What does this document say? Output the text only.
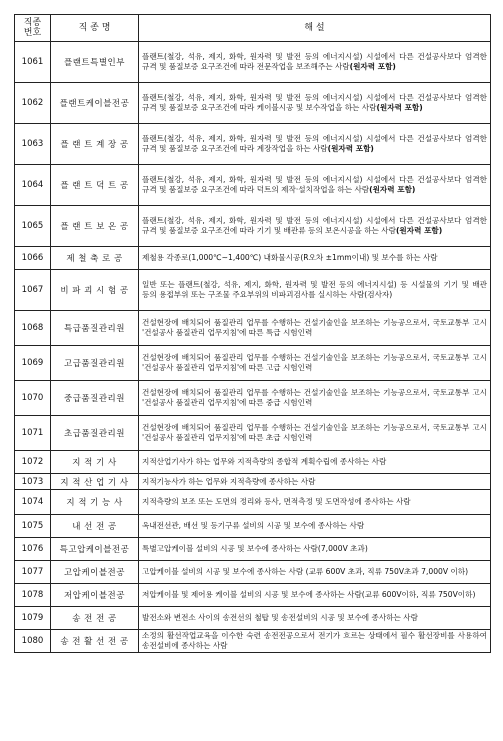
직종
번호	직 종 명	해 설
1061	플랜트특별인부	플랜트(철강, 석유, 제지, 화학, 원자력 및 발전 등의 에너지시설) 시설에서 다른 건설공사보다 엄격한 규격 및 품질보증 요구조건에 따라 전문작업을 보조해주는 사람(원자력 포함)
1062	플랜트케이블전공	플랜트(철강, 석유, 제지, 화학, 원자력 및 발전 등의 에너지시설) 시설에서 다른 건설공사보다 엄격한 규격 및 품질보증 요구조건에 따라 케이블시공 및 보수작업을 하는 사람(원자력 포함)
1063	플 랜 트 계 장 공	플랜트(철강, 석유, 제지, 화학, 원자력 및 발전 등의 에너지시설) 시설에서 다른 건설공사보다 엄격한 규격 및 품질보증 요구조건에 따라 계장작업을 하는 사람(원자력 포함)
1064	플 랜 트 덕 트 공	플랜트(철강, 석유, 제지, 화학, 원자력 및 발전 등의 에너지시설) 시설에서 다른 건설공사보다 엄격한 규격 및 품질보증 요구조건에 따라 덕트의 제작·설치작업을 하는 사람(원자력 포함)
1065	플 랜 트 보 온 공	플랜트(철강, 석유, 제지, 화학, 원자력 및 발전 등의 에너지시설) 시설에서 다른 건설공사보다 엄격한 규격 및 품질보증 요구조건에 따라 기기 및 배관류 등의 보온시공을 하는 사람(원자력 포함)
1066	제 철 축 로 공	제철용 각종로(1,000℃~1,400℃) 내화물시공(R오차 ±1mm이내) 및 보수를 하는 사람
1067	비 파 괴 시 험 공	일반 또는 플랜트(철강, 석유, 제지, 화학, 원자력 및 발전 등의 에너지시설) 등 시설물의 기기 및 배관 등의 용접부위 또는 구조물 주요부위의 비파괴검사를 실시하는 사람(검사자)
1068	특급품질관리원	건설현장에 배치되어 품질관리 업무를 수행하는 건설기술인을 보조하는 기능공으로서, 국토교통부 고시 '건설공사 품질관리 업무지침'에 따른 특급 시험인력
1069	고급품질관리원	건설현장에 배치되어 품질관리 업무를 수행하는 건설기술인을 보조하는 기능공으로서, 국토교통부 고시 '건설공사 품질관리 업무지침'에 따른 고급 시험인력
1070	중급품질관리원	건설현장에 배치되어 품질관리 업무를 수행하는 건설기술인을 보조하는 기능공으로서, 국토교통부 고시 '건설공사 품질관리 업무지침'에 따른 중급 시험인력
1071	초급품질관리원	건설현장에 배치되어 품질관리 업무를 수행하는 건설기술인을 보조하는 기능공으로서, 국토교통부 고시 '건설공사 품질관리 업무지침'에 따른 초급 시험인력
1072	지 적 기 사	지적산업기사가 하는 업무와 지적측량의 종합적 계획수립에 종사하는 사람
1073	지 적 산 업 기 사	지적기능사가 하는 업무와 지적측량에 종사하는 사람
1074	지 적 기 능 사	지적측량의 보조 또는 도면의 정리와 등사, 면적측정 및 도면작성에 종사하는 사람
1075	내 선 전 공	옥내전선관, 배선 및 등기구류 설비의 시공 및 보수에 종사하는 사람
1076	특고압케이블전공	특별고압케이블 설비의 시공 및 보수에 종사하는 사람(7,000V 초과)
1077	고압케이블전공	고압케이블 설비의 시공 및 보수에 종사하는 사람 (교류 600V 초과, 직류 750V초과 7,000V 이하)
1078	저압케이블전공	저압케이블 및 제어용 케이블 설비의 시공 및 보수에 종사하는 사람(교류 600V이하, 직류 750V이하)
1079	송 전 전 공	발전소와 변전소 사이의 송전선의 철탑 및 송전설비의 시공 및 보수에 종사하는 사람
1080	송 전 활 선 전 공	소정의 활선작업교육을 이수한 숙련 송전전공으로서 전기가 흐르는 상태에서 필수 활선장비를 사용하여 송전설비에 종사하는 사람
